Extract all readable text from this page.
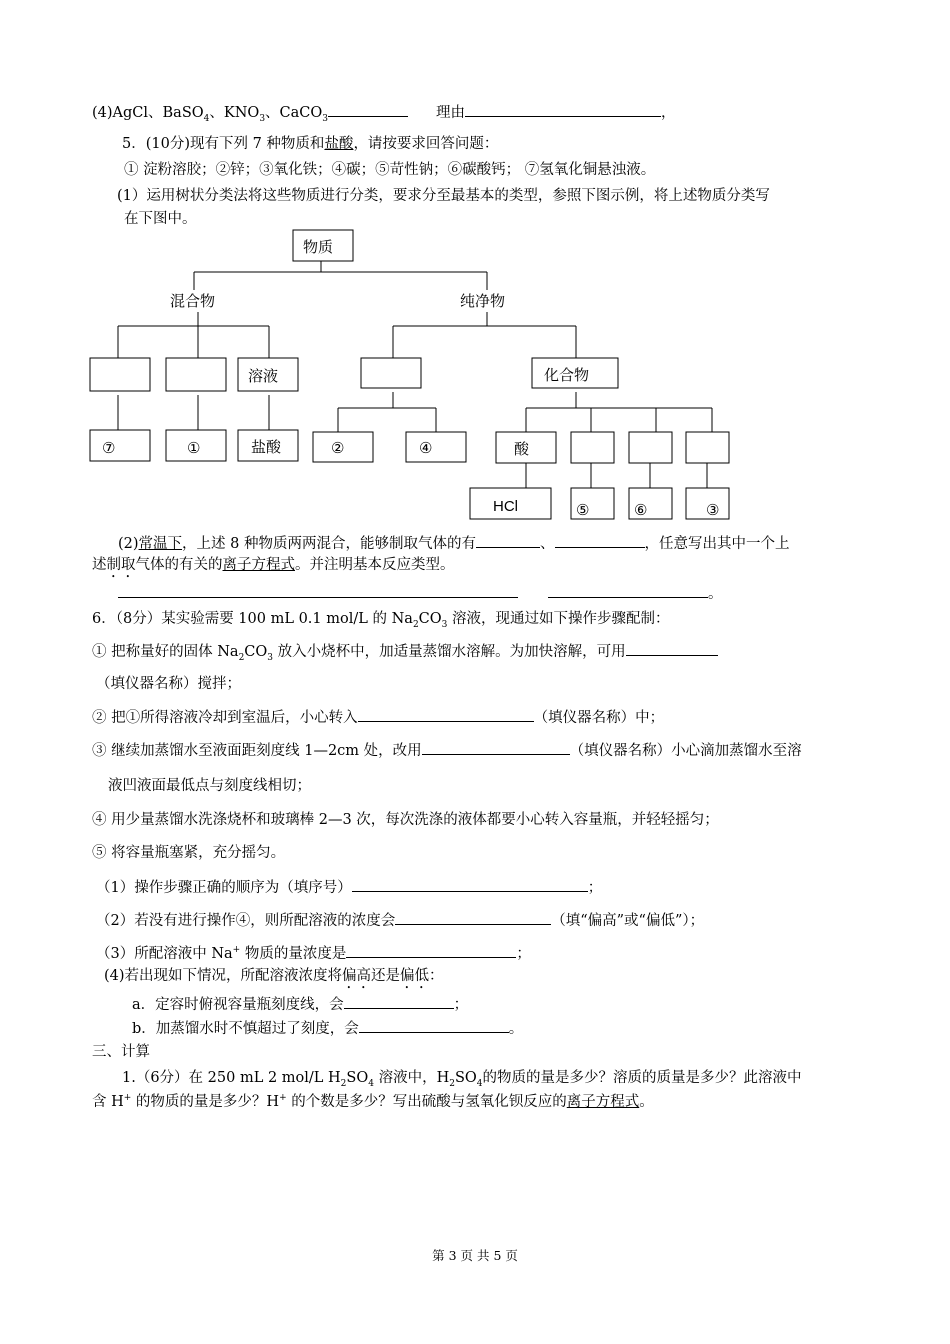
(4)AgCl、BaSO$_4$、$KNO_3$、CaCO$_3$	理由	，
5．(10分)现有下列 7 种物质和盐酸，请按要求回答问题：
① 淀粉溶胶；②锌；③氧化铁；④碳；⑤苛性钠；⑥碳酸钙； ⑦氢氧化铜悬浊液。
(1）运用树状分类法将这些物质进行分类，要求分至最基本的类型，参照下图示例，将上述物质分类写
在下图中。
物质
混合物	纯净物
溶液	化合物
酸
HCl
⑦	①	盐酸	②	④
⑤	⑥	③
(2)常温下，上述 8 种物质两两混合，能够制取气体的有	、	，任意写出其中一个上
述制取气体的有关的离子方程式。并注明基本反应类型。
。
6．（8分）某实验需要 100 mL 0.1 mol/L 的 $Na_2CO_3$ 溶液，现通过如下操作步骤配制：
① 把称量好的固体 $Na_2CO_3$ 放入小烧杯中，加适量蒸馏水溶解。为加快溶解，可用
（填仪器名称）搅拌；
② 把①所得溶液冷却到室温后，小心转入	（填仪器名称）中；
③ 继续加蒸馏水至液面距刻度线 1—2cm 处，改用	（填仪器名称）小心滴加蒸馏水至溶
液凹液面最低点与刻度线相切；
④ 用少量蒸馏水洗涤烧杯和玻璃棒 2—3 次，每次洗涤的液体都要小心转入容量瓶，并轻轻摇匀；
⑤ 将容量瓶塞紧，充分摇匀。
（1）操作步骤正确的顺序为（填序号）	；
（2）若没有进行操作④，则所配溶液的浓度会	（填“偏高”或“偏低”）；
（3）所配溶液中 Na+ 物质的量浓度是	；
(4)若出现如下情况，所配溶液浓度将偏高还是偏低：
a．定容时俯视容量瓶刻度线，会	；
b．加蒸馏水时不慎超过了刻度，会	。
三、计算
1.（6分）在 250 mL 2 mol/L $H_2SO_4$ 溶液中，$H_2SO_4$的物质的量是多少？溶质的质量是多少？此溶液中
含 H+ 的物质的量是多少？H+ 的个数是多少？写出硫酸与氢氧化钡反应的离子方程式。
第 3 页 共 5 页
